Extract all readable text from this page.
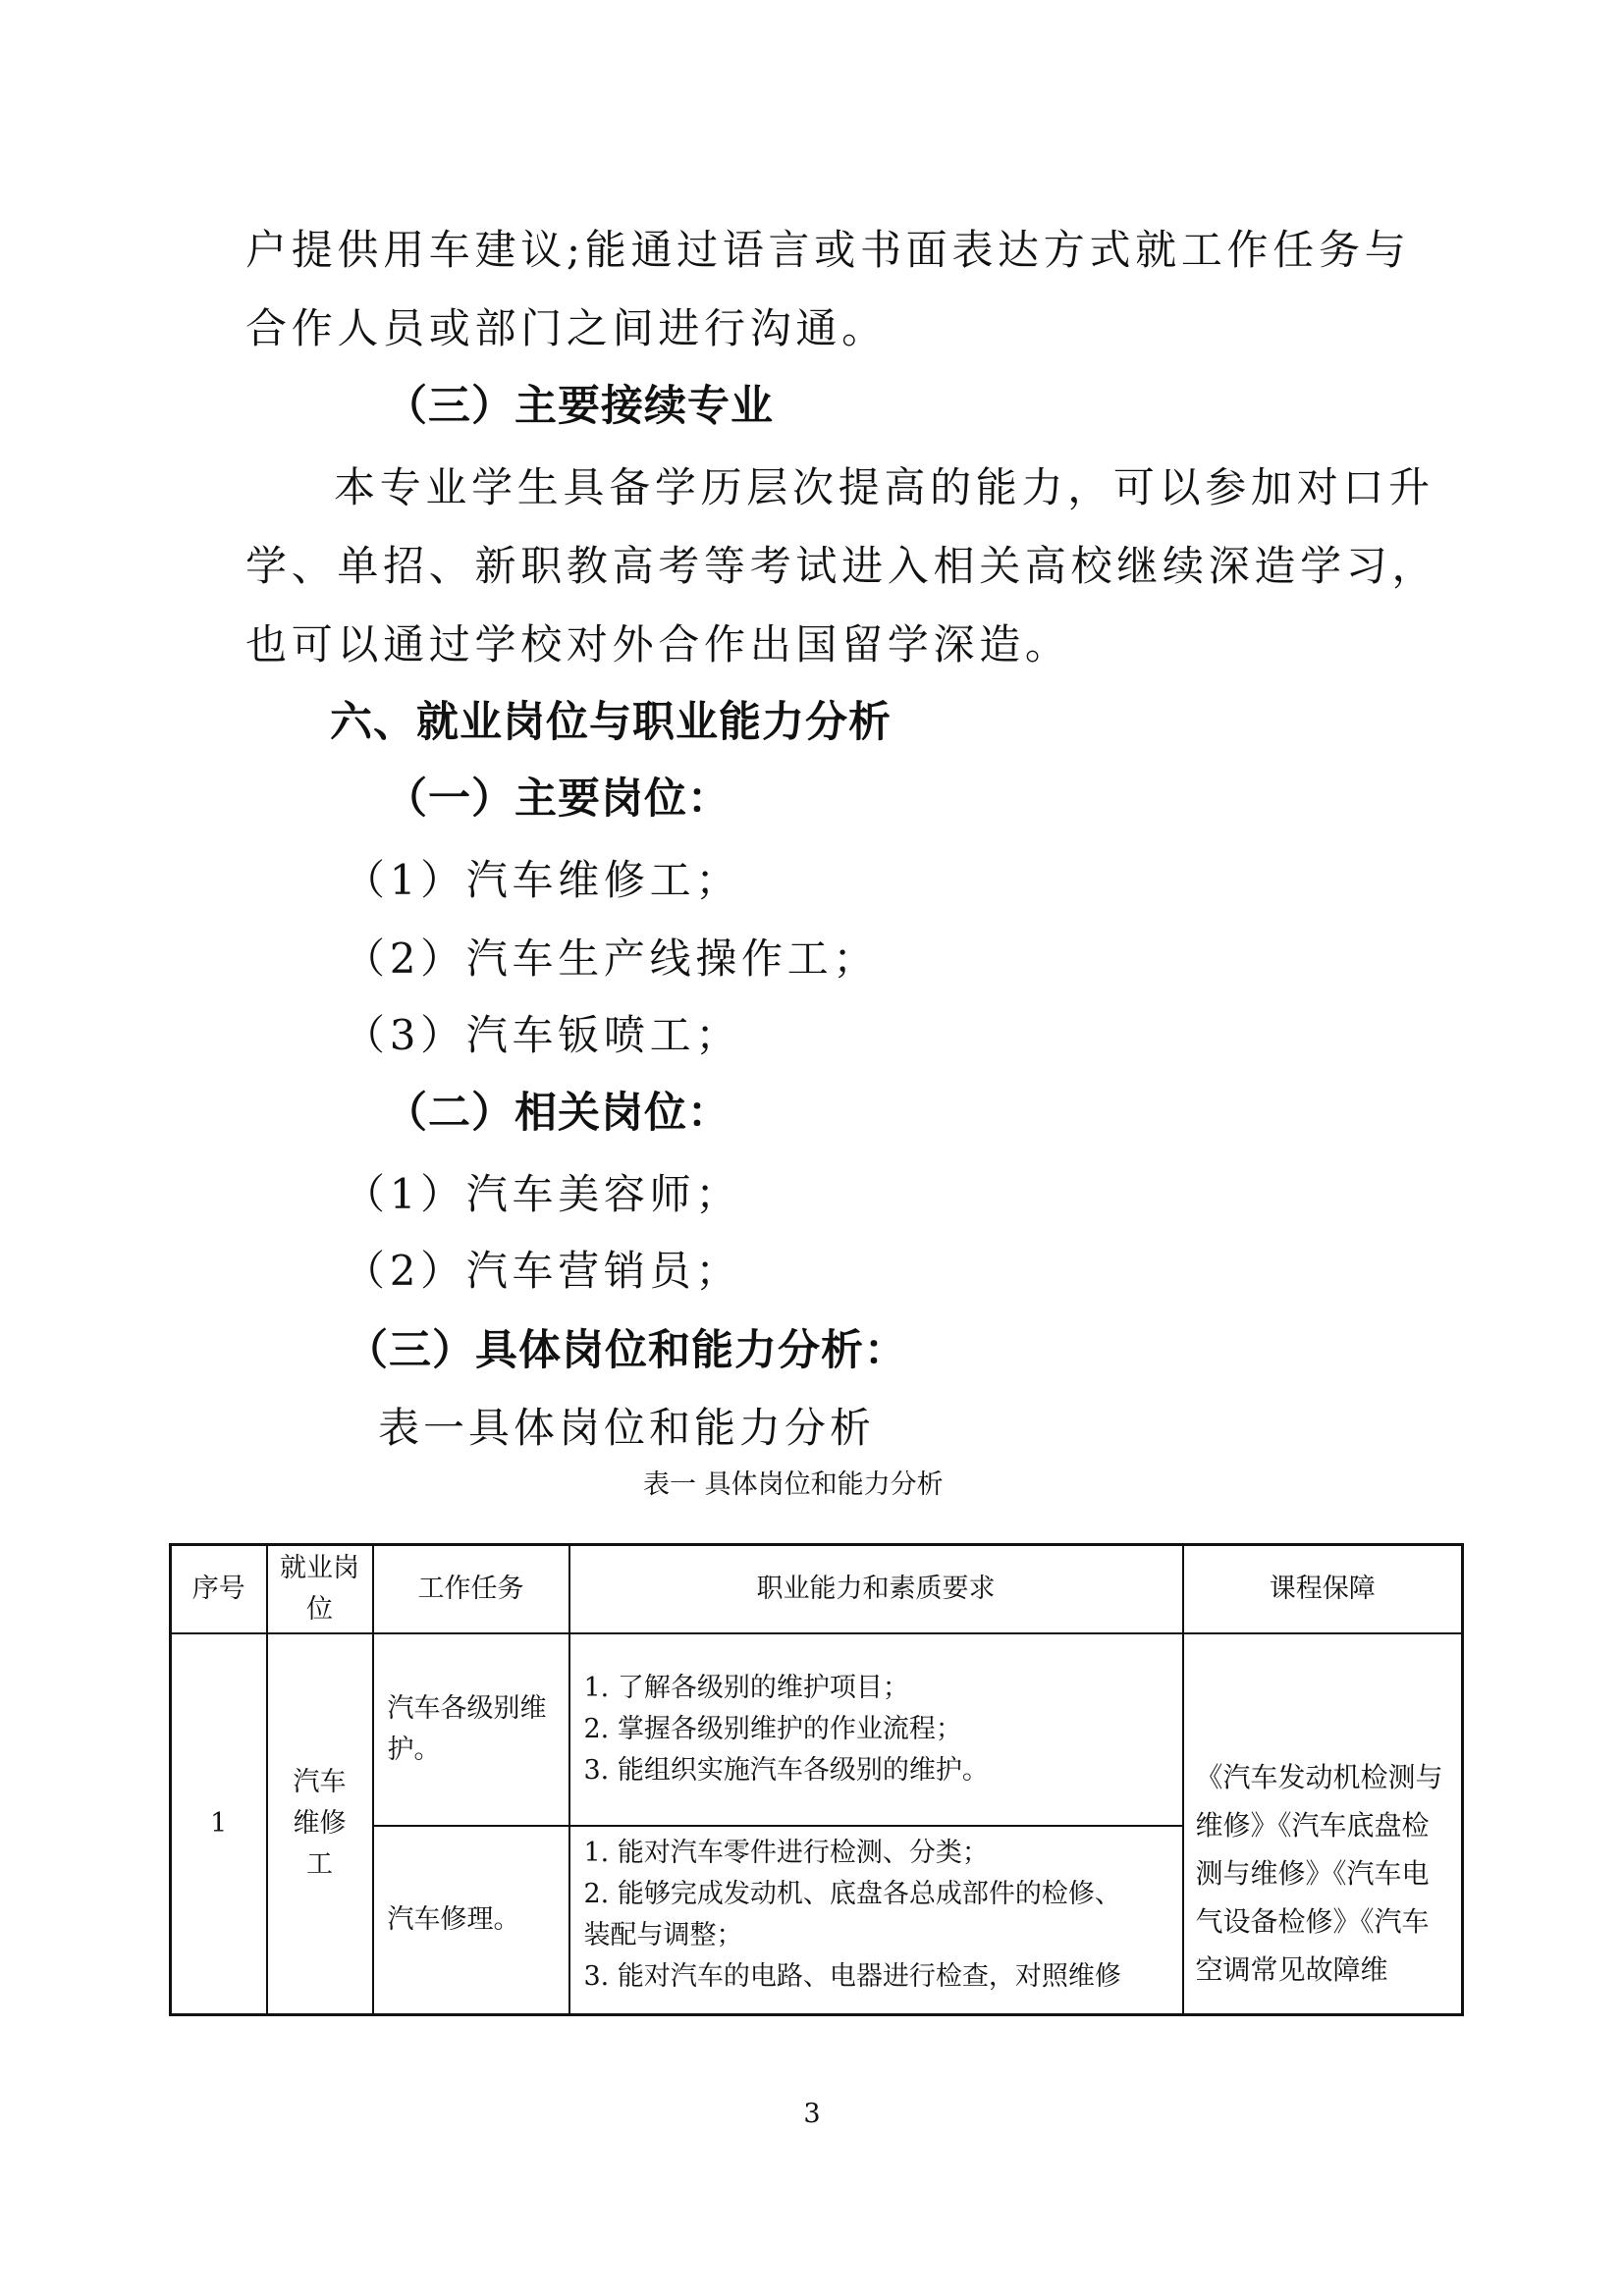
户提供用车建议;能通过语言或书面表达方式就工作任务与
合作人员或部门之间进行沟通。
（三）主要接续专业
本专业学生具备学历层次提高的能力，可以参加对口升
学、单招、新职教高考等考试进入相关高校继续深造学习，
也可以通过学校对外合作出国留学深造。
六、就业岗位与职业能力分析
（一）主要岗位：
（1）汽车维修工；
（2）汽车生产线操作工；
（3）汽车钣喷工；
（二）相关岗位：
（1）汽车美容师；
（2）汽车营销员；
（三）具体岗位和能力分析：
表一具体岗位和能力分析
表一 具体岗位和能力分析
序号	就业岗位	工作任务	职业能力和素质要求	课程保障
1	汽车维修工	汽车各级别维护。	1. 了解各级别的维护项目；
2. 掌握各级别维护的作业流程；
3. 能组织实施汽车各级别的维护。	《汽车发动机检测与维修》《汽车底盘检测与维修》《汽车电气设备检修》《汽车空调常见故障维
		汽车修理。	1. 能对汽车零件进行检测、分类；
2. 能够完成发动机、底盘各总成部件的检修、
装配与调整；
3. 能对汽车的电路、电器进行检查，对照维修	
3
